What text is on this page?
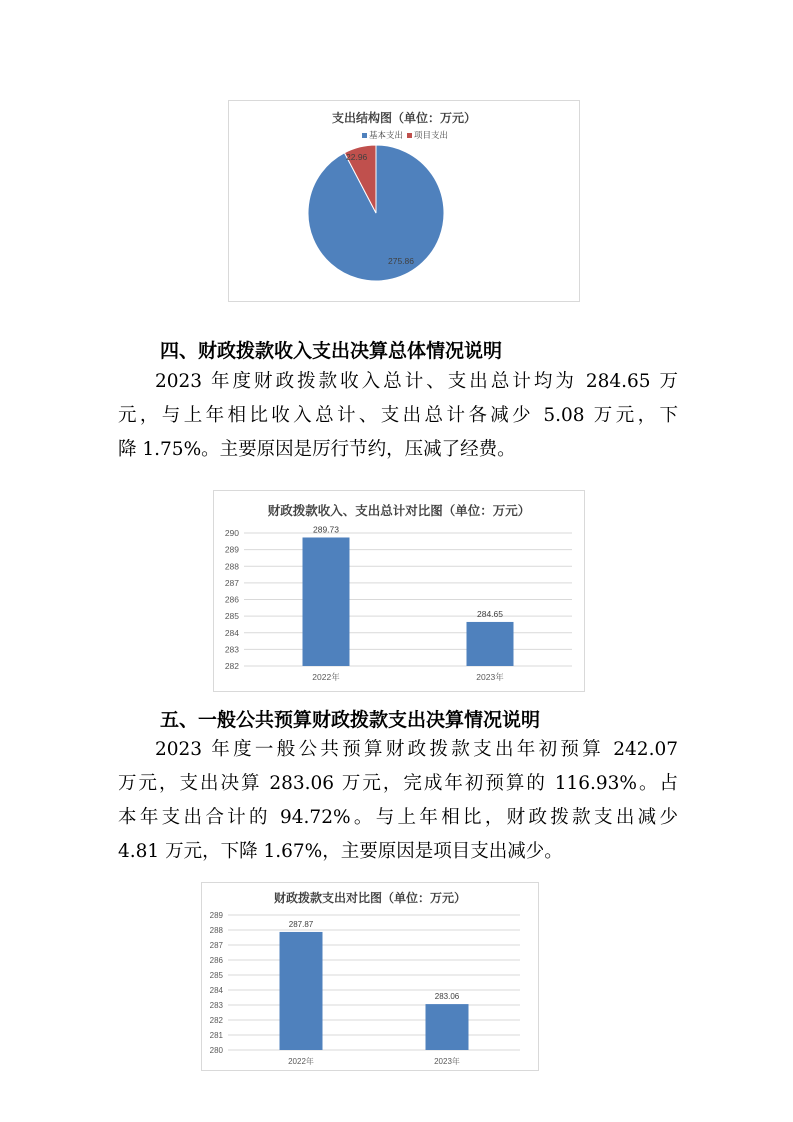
支出结构图（单位：万元）
基本支出 项目支出
275.86
22.96
四、财政拨款收入支出决算总体情况说明
2023 年度财政拨款收入总计、支出总计均为 284.65 万
元，与上年相比收入总计、支出总计各减少 5.08 万元，下
降 1.75%。主要原因是厉行节约，压减了经费。
财政拨款收入、支出总计对比图（单位：万元）
282
283
284
285
286
287
288
289
290	289.73
2022年
284.65
2023年
五、一般公共预算财政拨款支出决算情况说明
2023 年度一般公共预算财政拨款支出年初预算 242.07
万元，支出决算 283.06 万元，完成年初预算的 116.93%。占
本年支出合计的 94.72%。与上年相比，财政拨款支出减少
4.81 万元，下降 1.67%，主要原因是项目支出减少。
财政拨款支出对比图（单位：万元）
280
281
282
283
284
285
286
287
288
289
287.87
2022年
283.06
2023年
